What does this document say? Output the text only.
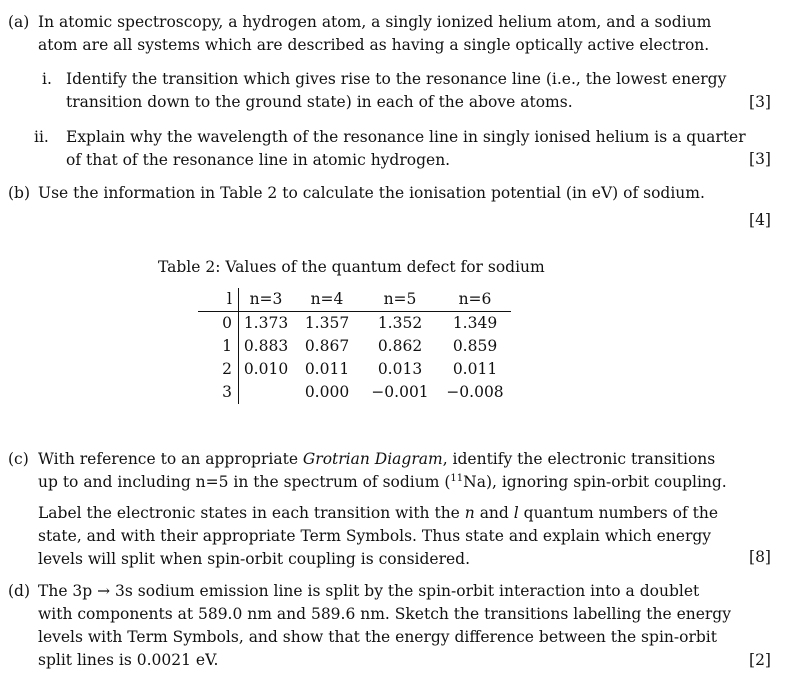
(a) In atomic spectroscopy, a hydrogen atom, a singly ionized helium atom, and a sodium
atom are all systems which are described as having a single optically active electron.
i. Identify the transition which gives rise to the resonance line (i.e., the lowest energy
transition down to the ground state) in each of the above atoms.	[3]
ii. Explain why the wavelength of the resonance line in singly ionised helium is a quarter
of that of the resonance line in atomic hydrogen.	[3]
(b) Use the information in Table 2 to calculate the ionisation potential (in eV) of sodium.
[4]
Table 2: Values of the quantum defect for sodium
l	n=3	n=4	n=5	n=6
0	1.373	1.357	1.352	1.349
1	0.883	0.867	0.862	0.859
2	0.010	0.011	0.013	0.011
3		0.000	−0.001	−0.008
(c) With reference to an appropriate Grotrian Diagram, identify the electronic transitions
up to and including n=5 in the spectrum of sodium ($^{11}$Na), ignoring spin-orbit coupling.
Label the electronic states in each transition with the n and l quantum numbers of the
state, and with their appropriate Term Symbols. Thus state and explain which energy
levels will split when spin-orbit coupling is considered.	[8]
(d) The 3p → 3s sodium emission line is split by the spin-orbit interaction into a doublet
with components at 589.0 nm and 589.6 nm. Sketch the transitions labelling the energy
levels with Term Symbols, and show that the energy difference between the spin-orbit
split lines is 0.0021 eV.	[2]
